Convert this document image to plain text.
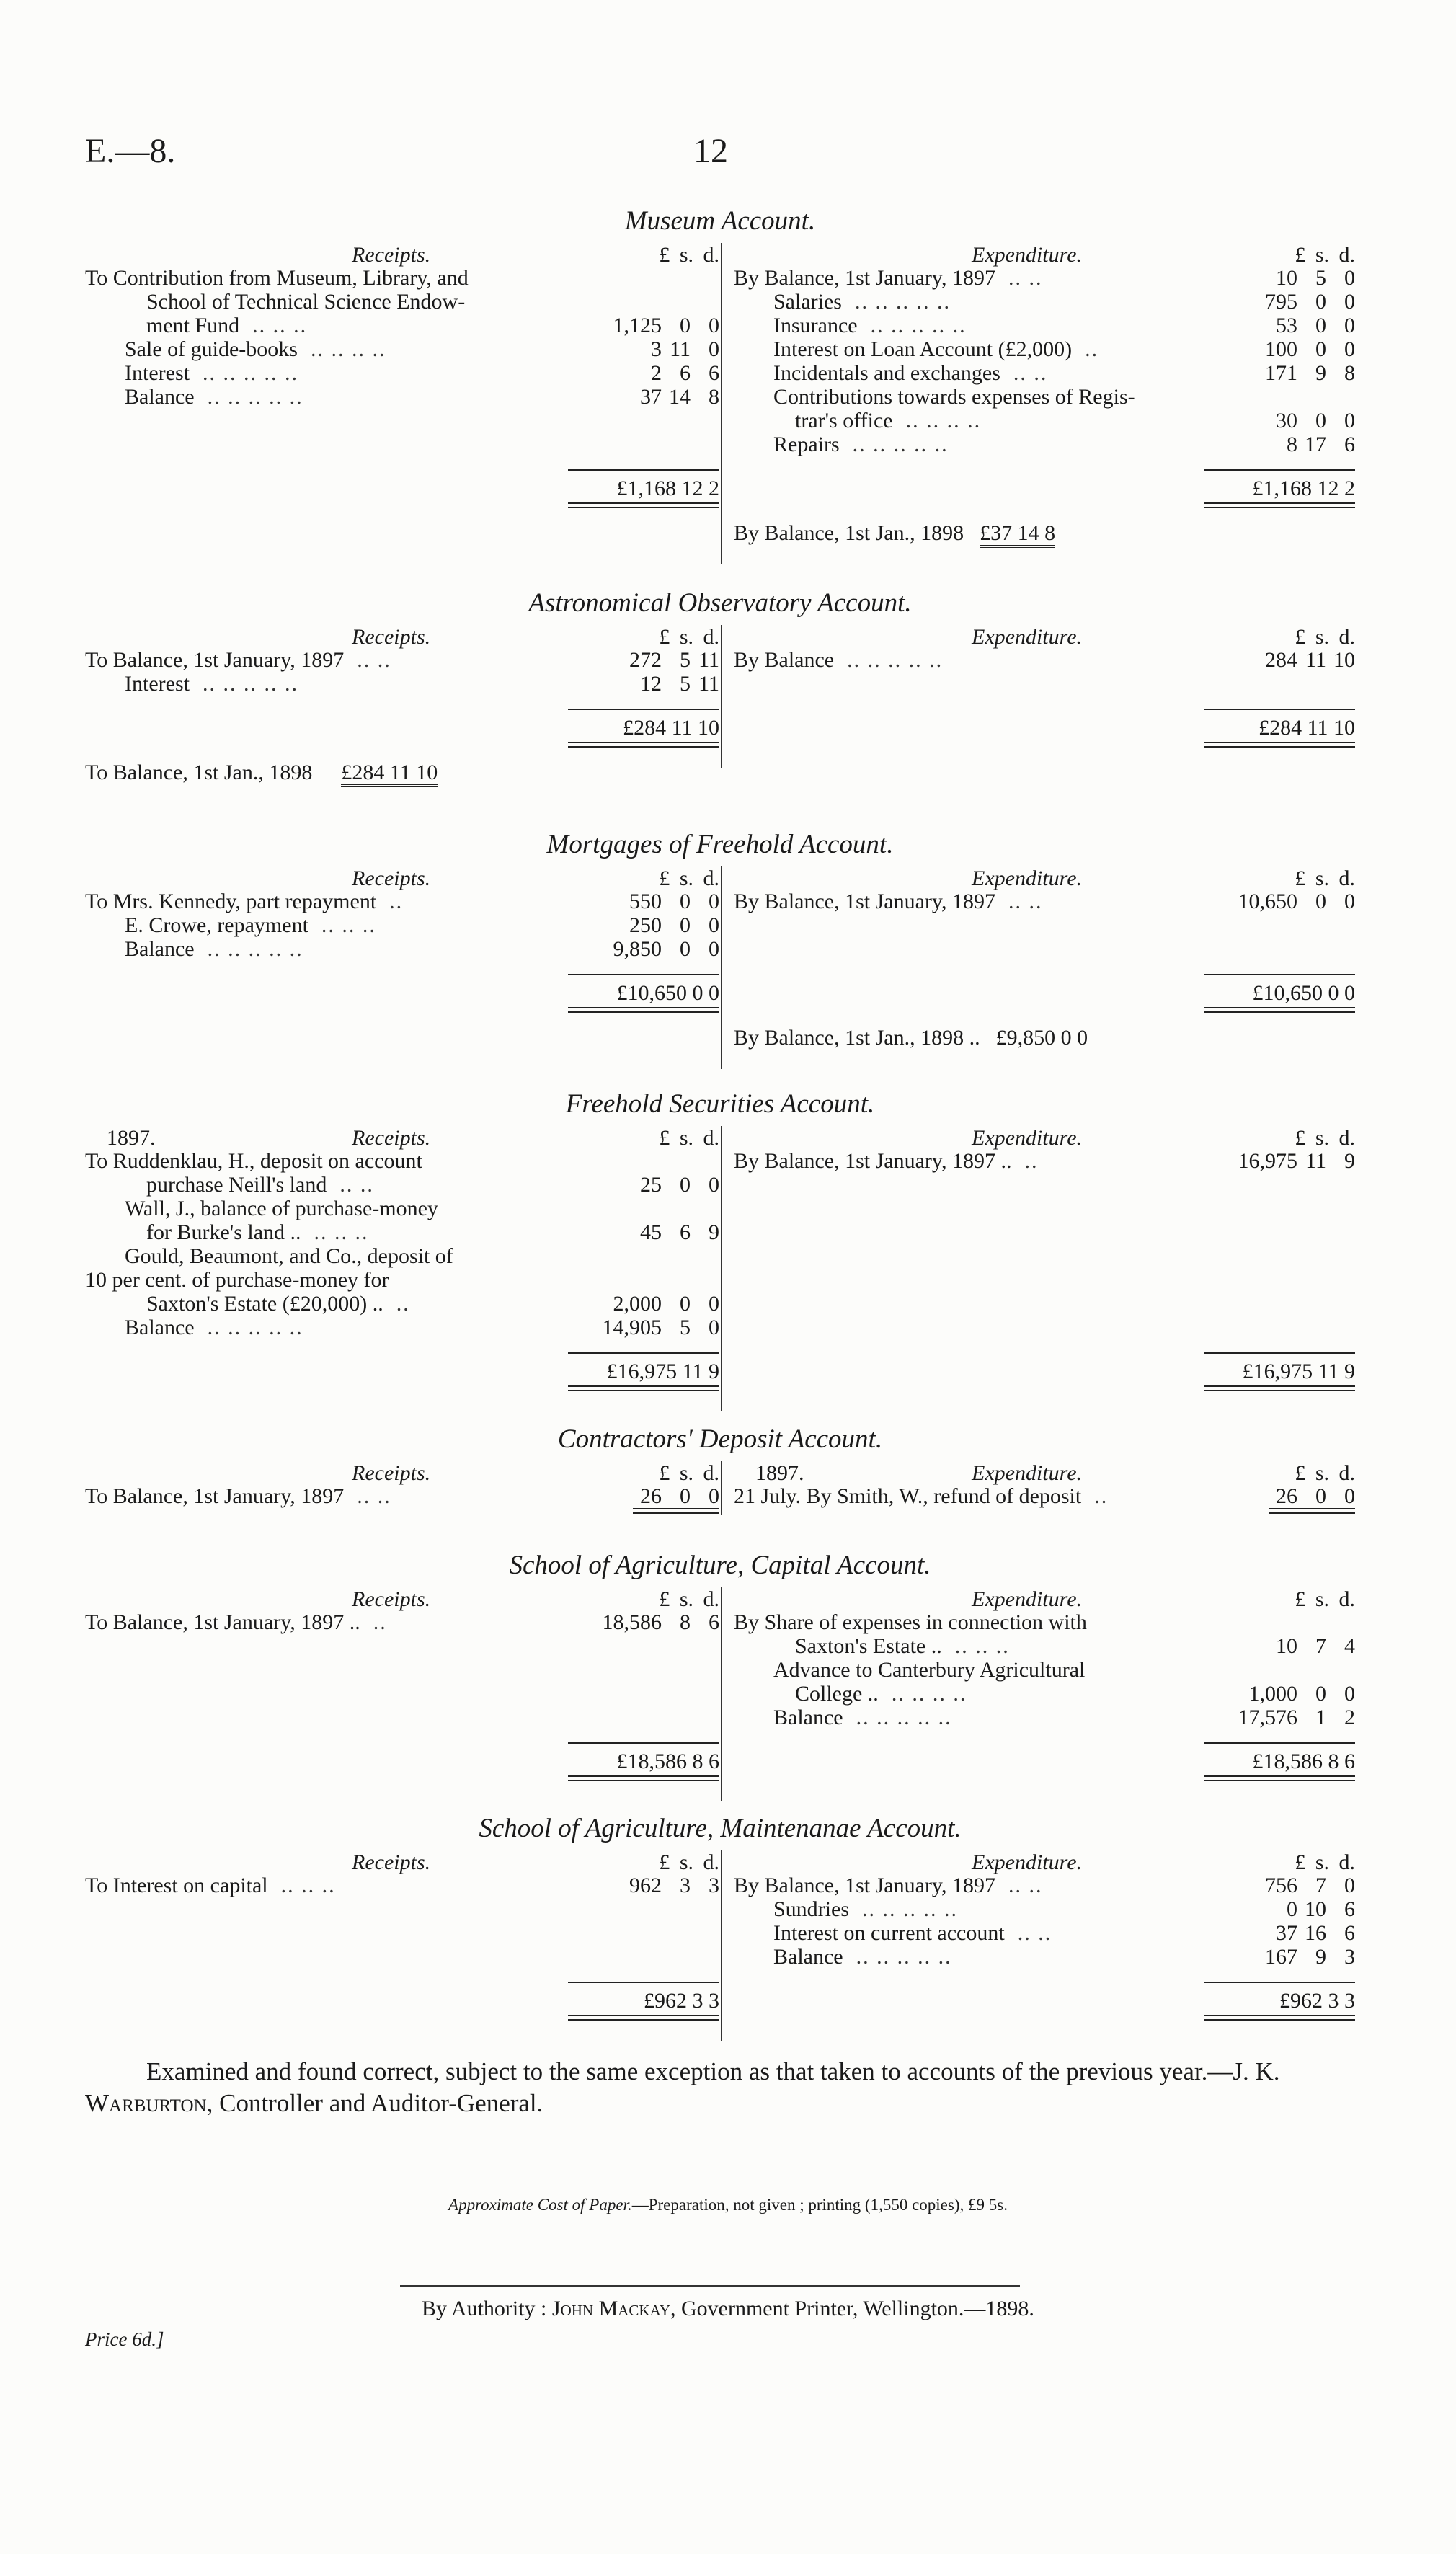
E.—8.	12
Museum Account.
Receipts.	£ s. d.
To Contribution from Museum, Library, and
School of Technical Science Endow-
ment Fund .. .. ..	1,125 0 0
Sale of guide-books .. .. .. ..	3 11 0
Interest .. .. .. .. ..	2 6 6
Balance .. .. .. .. ..	37 14 8
£1,168 12 2
Expenditure.	£ s. d.
By Balance, 1st January, 1897 .. ..	10 5 0
Salaries .. .. .. .. ..	795 0 0
Insurance .. .. .. .. ..	53 0 0
Interest on Loan Account (£2,000) ..	100 0 0
Incidentals and exchanges .. ..	171 9 8
Contributions towards expenses of Regis-
trar's office .. .. .. ..	30 0 0
Repairs .. .. .. .. ..	8 17 6
£1,168 12 2
By Balance, 1st Jan., 1898 £37 14 8
Astronomical Observatory Account.
Receipts.	£ s. d.
To Balance, 1st January, 1897 .. ..	272 5 11
Interest .. .. .. .. ..	12 5 11
£284 11 10
To Balance, 1st Jan., 1898 £284 11 10
Expenditure.	£ s. d.
By Balance .. .. .. .. ..	284 11 10
£284 11 10
Mortgages of Freehold Account.
Receipts.	£ s. d.
To Mrs. Kennedy, part repayment ..	550 0 0
E. Crowe, repayment .. .. ..	250 0 0
Balance .. .. .. .. ..	9,850 0 0
£10,650 0 0
Expenditure.	£ s. d.
By Balance, 1st January, 1897 .. ..	10,650 0 0
£10,650 0 0
By Balance, 1st Jan., 1898 .. £9,850 0 0
Freehold Securities Account.
1897.	Receipts.	£ s. d.
To Ruddenklau, H., deposit on account
purchase Neill's land .. ..	25 0 0
Wall, J., balance of purchase-money
for Burke's land .. .. .. ..	45 6 9
Gould, Beaumont, and Co., deposit of
10 per cent. of purchase-money for
Saxton's Estate (£20,000) .. ..	2,000 0 0
Balance .. .. .. .. ..	14,905 5 0
£16,975 11 9
Expenditure.	£ s. d.
By Balance, 1st January, 1897 .. ..	16,975 11 9
£16,975 11 9
Contractors' Deposit Account.
Receipts.	£ s. d.
To Balance, 1st January, 1897 .. ..	26 0 0
1897.	Expenditure.	£ s. d.
21 July. By Smith, W., refund of deposit ..	26 0 0
School of Agriculture, Capital Account.
Receipts.	£ s. d.
To Balance, 1st January, 1897 .. ..	18,586 8 6
£18,586 8 6
Expenditure.	£ s. d.
By Share of expenses in connection with
Saxton's Estate .. .. .. ..	10 7 4
Advance to Canterbury Agricultural
College .. .. .. .. ..	1,000 0 0
Balance .. .. .. .. ..	17,576 1 2
£18,586 8 6
School of Agriculture, Maintenanae Account.
Receipts.	£ s. d.
To Interest on capital .. .. ..	962 3 3
£962 3 3
Expenditure.	£ s. d.
By Balance, 1st January, 1897 .. ..	756 7 0
Sundries .. .. .. .. ..	0 10 6
Interest on current account .. ..	37 16 6
Balance .. .. .. .. ..	167 9 3
£962 3 3
Examined and found correct, subject to the same exception as that taken to accounts of the previous year.—J. K. Warburton, Controller and Auditor-General.
Approximate Cost of Paper.—Preparation, not given ; printing (1,550 copies), £9 5s.
By Authority : John Mackay, Government Printer, Wellington.—1898.
Price 6d.]
